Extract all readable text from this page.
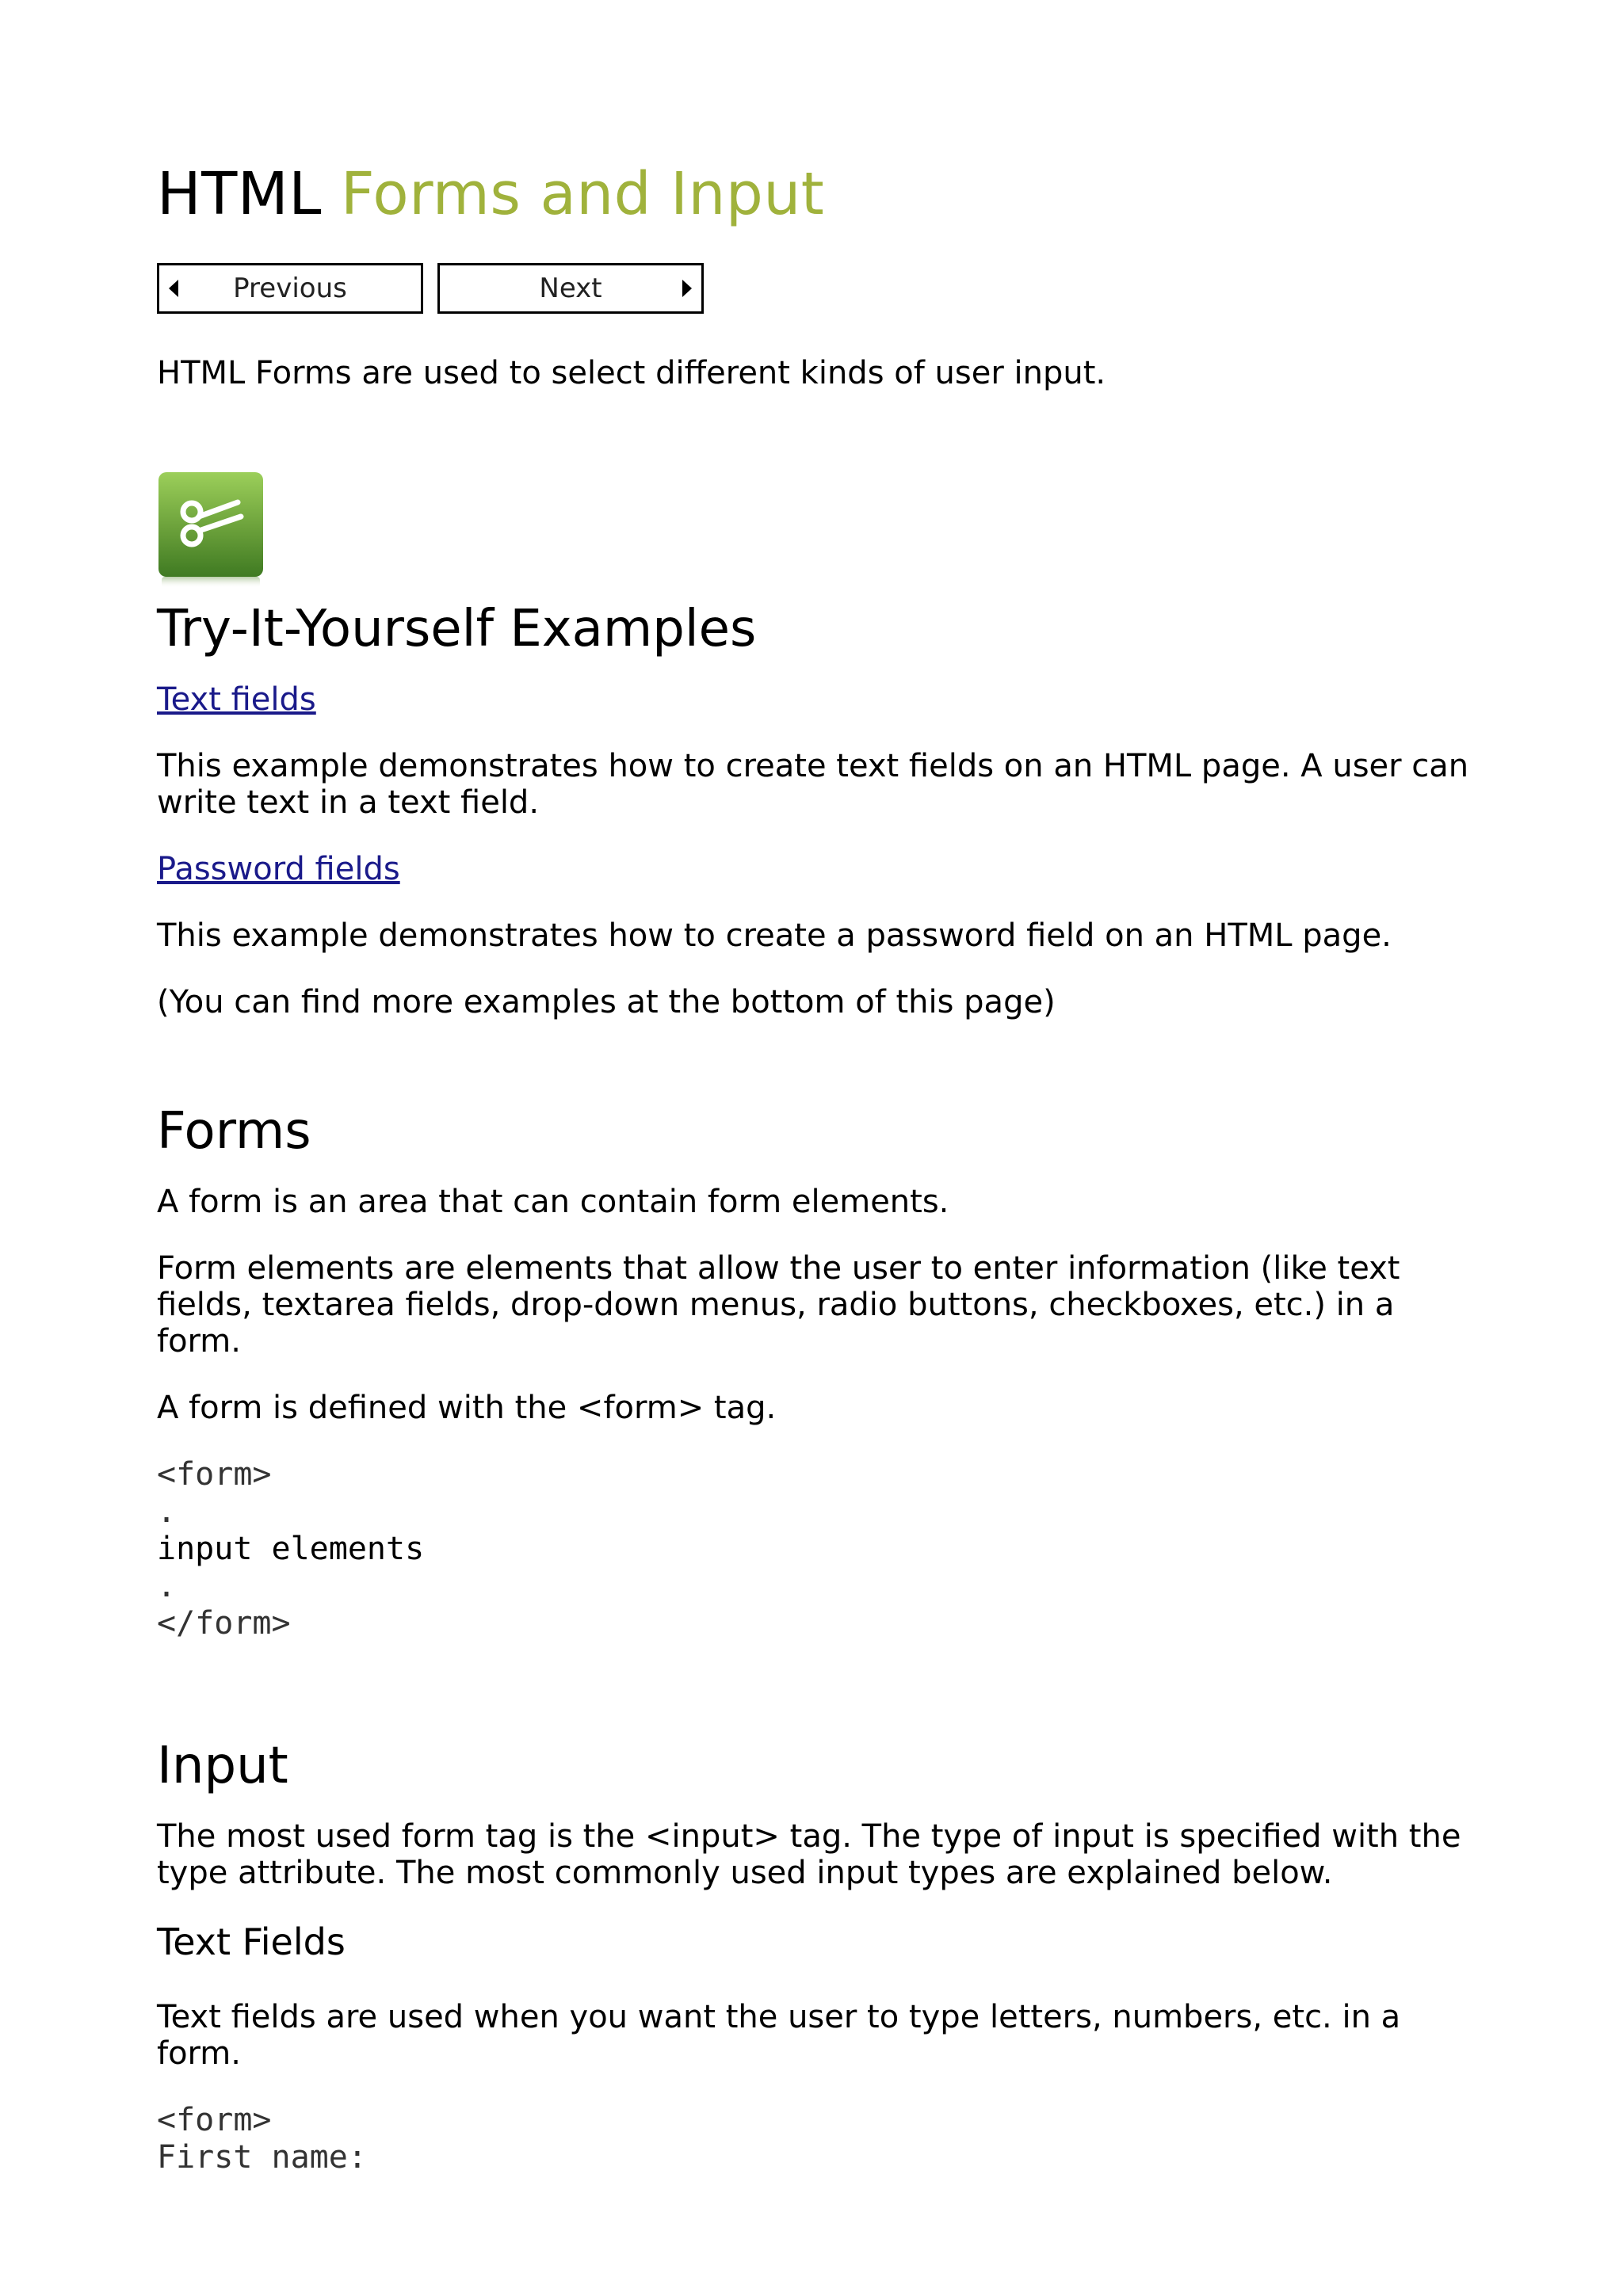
HTML Forms and Input
Previous	Next

HTML Forms are used to select different kinds of user input.

Try-It-Yourself Examples
Text fields

This example demonstrates how to create text fields on an HTML page. A user can write text in a text field.

Password fields

This example demonstrates how to create a password field on an HTML page.

(You can find more examples at the bottom of this page)

Forms

A form is an area that can contain form elements.

Form elements are elements that allow the user to enter information (like text fields, textarea fields, drop-down menus, radio buttons, checkboxes, etc.) in a form.

A form is defined with the <form> tag.

<form>
.
input elements
.
</form>
Input

The most used form tag is the <input> tag. The type of input is specified with the type attribute. The most commonly used input types are explained below.

Text Fields

Text fields are used when you want the user to type letters, numbers, etc. in a form.

<form>
First name:
